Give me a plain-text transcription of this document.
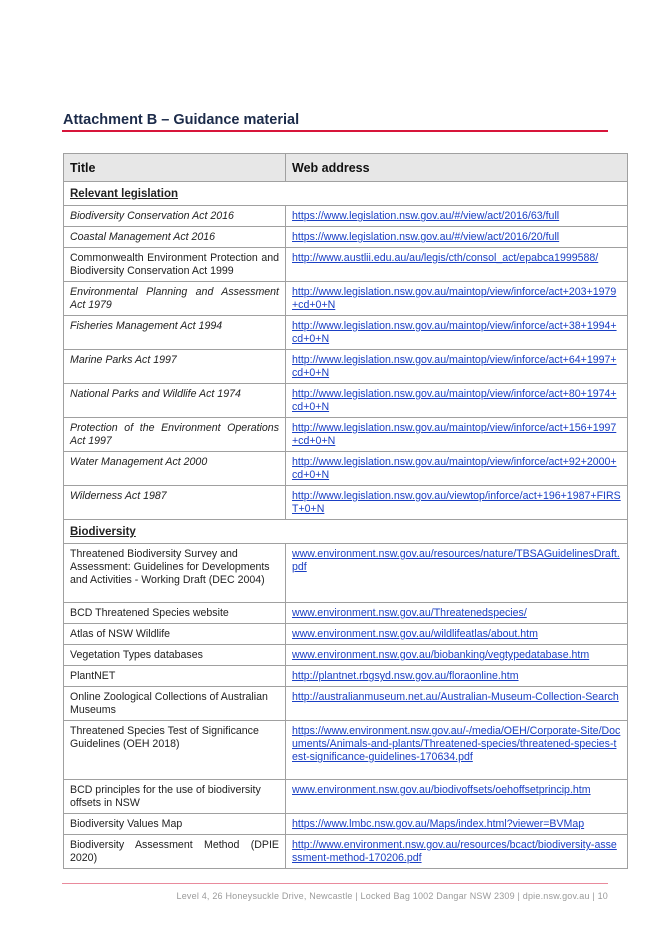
Attachment B – Guidance material
Title	Web address
Relevant legislation	
Biodiversity Conservation Act 2016	https://www.legislation.nsw.gov.au/#/view/act/2016/63/full
Coastal Management Act 2016	https://www.legislation.nsw.gov.au/#/view/act/2016/20/full
Commonwealth Environment Protection and Biodiversity Conservation Act 1999	http://www.austlii.edu.au/au/legis/cth/consol_act/epabca1999588/
Environmental Planning and Assessment Act 1979	http://www.legislation.nsw.gov.au/maintop/view/inforce/act+203+1979+cd+0+N
Fisheries Management Act 1994	http://www.legislation.nsw.gov.au/maintop/view/inforce/act+38+1994+cd+0+N
Marine Parks Act 1997	http://www.legislation.nsw.gov.au/maintop/view/inforce/act+64+1997+cd+0+N
National Parks and Wildlife Act 1974	http://www.legislation.nsw.gov.au/maintop/view/inforce/act+80+1974+cd+0+N
Protection of the Environment Operations Act 1997	http://www.legislation.nsw.gov.au/maintop/view/inforce/act+156+1997+cd+0+N
Water Management Act 2000	http://www.legislation.nsw.gov.au/maintop/view/inforce/act+92+2000+cd+0+N
Wilderness Act 1987	http://www.legislation.nsw.gov.au/viewtop/inforce/act+196+1987+FIRST+0+N
Biodiversity	
Threatened Biodiversity Survey and Assessment: Guidelines for Developments and Activities - Working Draft (DEC 2004)	www.environment.nsw.gov.au/resources/nature/TBSAGuidelinesDraft.pdf
BCD Threatened Species website	www.environment.nsw.gov.au/Threatenedspecies/
Atlas of NSW Wildlife	www.environment.nsw.gov.au/wildlifeatlas/about.htm
Vegetation Types databases	www.environment.nsw.gov.au/biobanking/vegtypedatabase.htm
PlantNET	http://plantnet.rbgsyd.nsw.gov.au/floraonline.htm
Online Zoological Collections of Australian Museums	http://australianmuseum.net.au/Australian-Museum-Collection-Search
Threatened Species Test of Significance Guidelines (OEH 2018)	https://www.environment.nsw.gov.au/-/media/OEH/Corporate-Site/Documents/Animals-and-plants/Threatened-species/threatened-species-test-significance-guidelines-170634.pdf
BCD principles for the use of biodiversity offsets in NSW	www.environment.nsw.gov.au/biodivoffsets/oehoffsetprincip.htm
Biodiversity Values Map	https://www.lmbc.nsw.gov.au/Maps/index.html?viewer=BVMap
Biodiversity Assessment Method (DPIE 2020)	http://www.environment.nsw.gov.au/resources/bcact/biodiversity-assessment-method-170206.pdf
Level 4, 26 Honeysuckle Drive, Newcastle | Locked Bag 1002 Dangar NSW 2309 | dpie.nsw.gov.au | 10
